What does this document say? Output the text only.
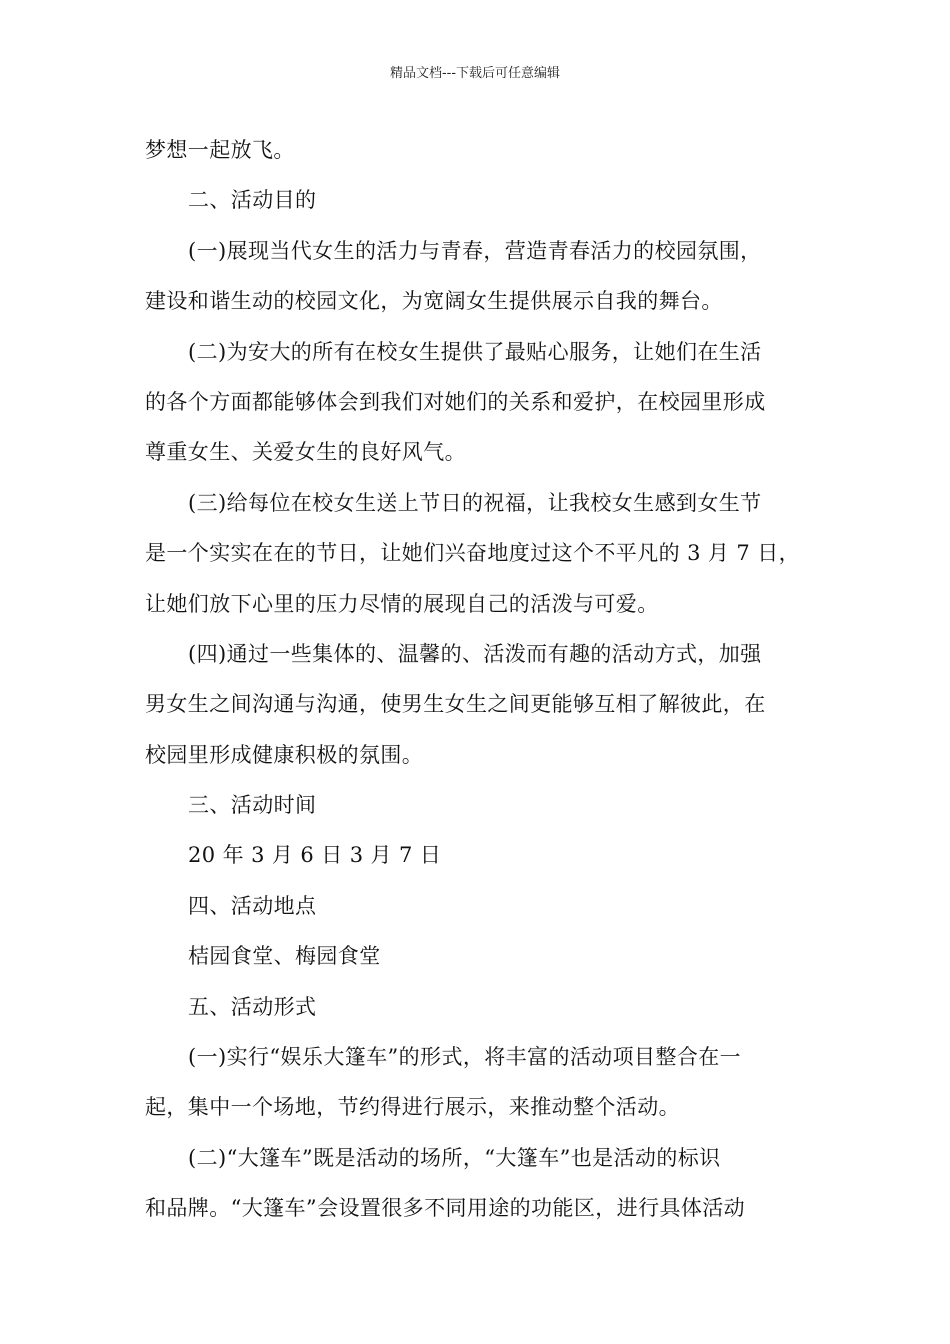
精品文档---下载后可任意编辑
梦想一起放飞。
二、活动目的
(一)展现当代女生的活力与青春，营造青春活力的校园氛围，
建设和谐生动的校园文化，为宽阔女生提供展示自我的舞台。
(二)为安大的所有在校女生提供了最贴心服务，让她们在生活
的各个方面都能够体会到我们对她们的关系和爱护，在校园里形成
尊重女生、关爱女生的良好风气。
(三)给每位在校女生送上节日的祝福，让我校女生感到女生节
是一个实实在在的节日，让她们兴奋地度过这个不平凡的 3 月 7 日，
让她们放下心里的压力尽情的展现自己的活泼与可爱。
(四)通过一些集体的、温馨的、活泼而有趣的活动方式，加强
男女生之间沟通与沟通，使男生女生之间更能够互相了解彼此，在
校园里形成健康积极的氛围。
三、活动时间
20 年 3 月 6 日 3 月 7 日
四、活动地点
桔园食堂、梅园食堂
五、活动形式
(一)实行“娱乐大篷车”的形式，将丰富的活动项目整合在一
起，集中一个场地，节约得进行展示，来推动整个活动。
(二)“大篷车”既是活动的场所，“大篷车”也是活动的标识
和品牌。“大篷车”会设置很多不同用途的功能区，进行具体活动
